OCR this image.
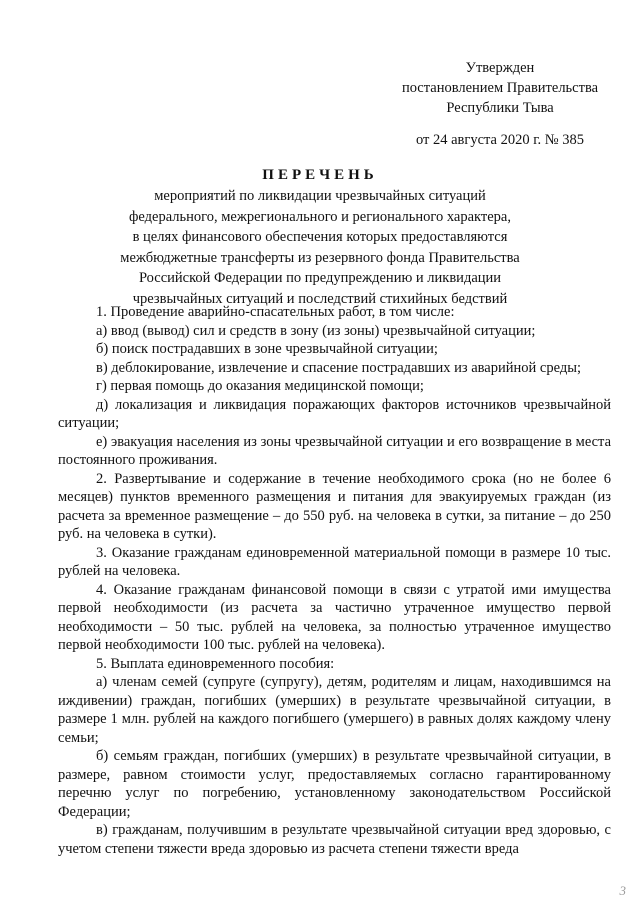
Утвержден
постановлением Правительства
Республики Тыва
от 24 августа 2020 г. № 385
ПЕРЕЧЕНЬ
мероприятий по ликвидации чрезвычайных ситуаций
федерального, межрегионального и регионального характера,
в целях финансового обеспечения которых предоставляются
межбюджетные трансферты из резервного фонда Правительства
Российской Федерации по предупреждению и ликвидации
чрезвычайных ситуаций и последствий стихийных бедствий

1. Проведение аварийно-спасательных работ, в том числе:

а) ввод (вывод) сил и средств в зону (из зоны) чрезвычайной ситуации;

б) поиск пострадавших в зоне чрезвычайной ситуации;

в) деблокирование, извлечение и спасение пострадавших из аварийной среды;

г) первая помощь до оказания медицинской помощи;

д) локализация и ликвидация поражающих факторов источников чрезвычайной ситуации;

е) эвакуация населения из зоны чрезвычайной ситуации и его возвращение в места постоянного проживания.

2. Развертывание и содержание в течение необходимого срока (но не более 6 месяцев) пунктов временного размещения и питания для эвакуируемых граждан (из расчета за временное размещение – до 550 руб. на человека в сутки, за питание – до 250 руб. на человека в сутки).

3. Оказание гражданам единовременной материальной помощи в размере 10 тыс. рублей на человека.

4. Оказание гражданам финансовой помощи в связи с утратой ими имущества первой необходимости (из расчета за частично утраченное имущество первой необходимости – 50 тыс. рублей на человека, за полностью утраченное имущество первой необходимости 100 тыс. рублей на человека).

5. Выплата единовременного пособия:

а) членам семей (супруге (супругу), детям, родителям и лицам, находившимся на иждивении) граждан, погибших (умерших) в результате чрезвычайной ситуации, в размере 1 млн. рублей на каждого погибшего (умершего) в равных долях каждому члену семьи;

б) семьям граждан, погибших (умерших) в результате чрезвычайной ситуации, в размере, равном стоимости услуг, предоставляемых согласно гарантированному перечню услуг по погребению, установленному законодательством Российской Федерации;

в) гражданам, получившим в результате чрезвычайной ситуации вред здоровью, с учетом степени тяжести вреда здоровью из расчета степени тяжести вреда

3
